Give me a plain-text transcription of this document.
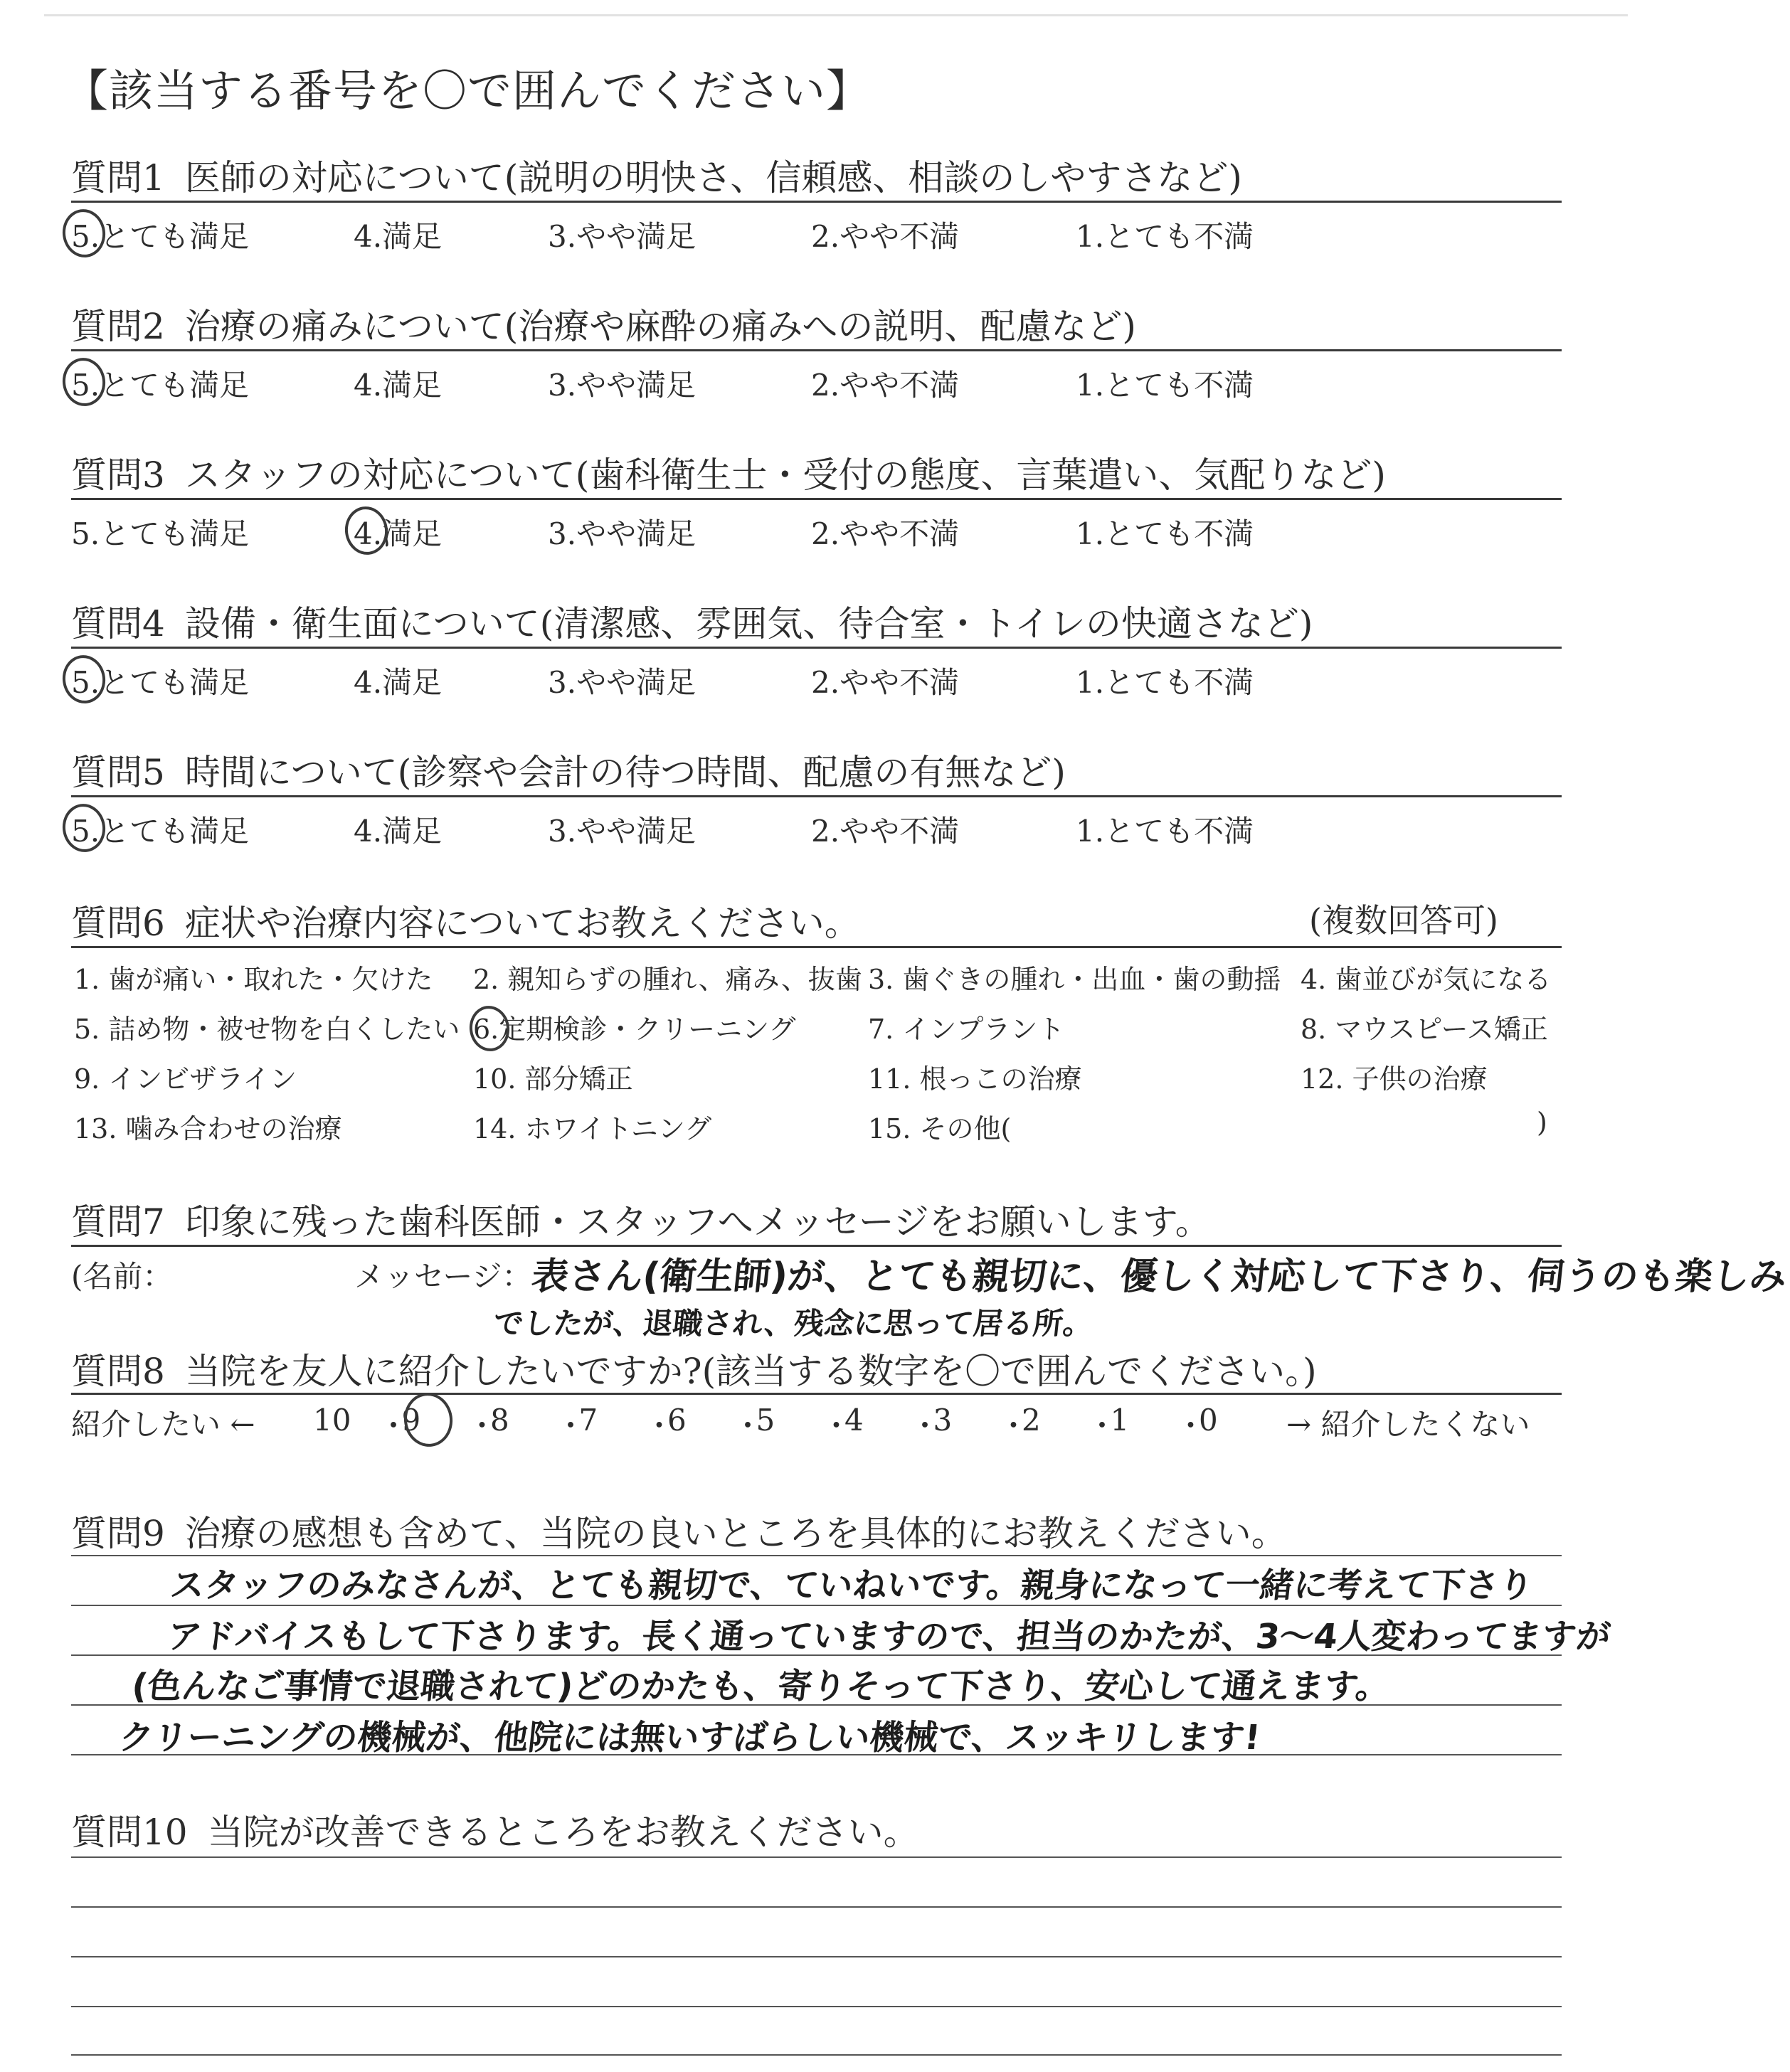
【該当する番号を〇で囲んでください】
質問1 医師の対応について(説明の明快さ、信頼感、相談のしやすさなど)
5.とても満足	4.満足	3.やや満足	2.やや不満	1.とても不満
質問2 治療の痛みについて(治療や麻酔の痛みへの説明、配慮など)
5.とても満足	4.満足	3.やや満足	2.やや不満	1.とても不満
質問3 スタッフの対応について(歯科衛生士・受付の態度、言葉遣い、気配りなど)
5.とても満足	4.満足	3.やや満足	2.やや不満	1.とても不満
質問4 設備・衛生面について(清潔感、雰囲気、待合室・トイレの快適さなど)
5.とても満足	4.満足	3.やや満足	2.やや不満	1.とても不満
質問5 時間について(診察や会計の待つ時間、配慮の有無など)
5.とても満足	4.満足	3.やや満足	2.やや不満	1.とても不満
質問6 症状や治療内容についてお教えください。	(複数回答可)
1. 歯が痛い・取れた・欠けた 2. 親知らずの腫れ、痛み、抜歯 3. 歯ぐきの腫れ・出血・歯の動揺 4. 歯並びが気になる
5. 詰め物・被せ物を白くしたい 6.定期検診・クリーニング	7. インプラント	8. マウスピース矯正
9. インビザライン	10. 部分矯正	11. 根っこの治療	12. 子供の治療
13. 噛み合わせの治療	14. ホワイトニング	15. その他(	)
質問7 印象に残った歯科医師・スタッフへメッセージをお願いします。
(名前：	メッセージ：
表さん(衛生師)が、とても親切に、優しく対応して下さり、伺うのも楽しみ
でしたが、退職され、残念に思って居る所。
質問8 当院を友人に紹介したいですか?(該当する数字を〇で囲んでください。)
紹介したい ← 10 ・
9 ・
8 ・
7 ・
6 ・
5 ・
4 ・
3 ・
2 ・
1 ・
0 → 紹介したくない
質問9 治療の感想も含めて、当院の良いところを具体的にお教えください。
スタッフのみなさんが、とても親切で、ていねいです。親身になって一緒に考えて下さり
アドバイスもして下さります。長く通っていますので、担当のかたが、3〜4人変わってますが
(色んなご事情で退職されて)どのかたも、寄りそって下さり、安心して通えます。
クリーニングの機械が、他院には無いすばらしい機械で、スッキリします!
質問10 当院が改善できるところをお教えください。
